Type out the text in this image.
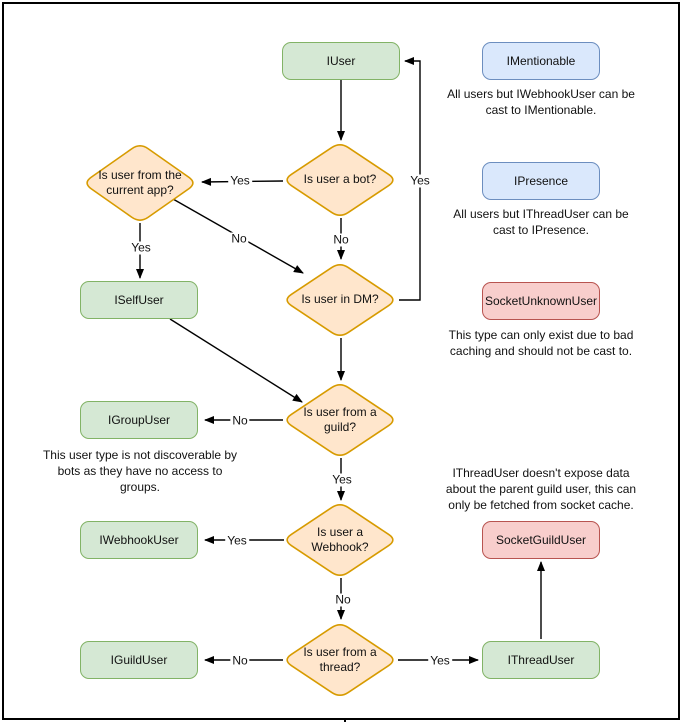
IUser	IMentionable
IPresence
SocketUnknownUser
ISelfUser
IGroupUser
IWebhookUser
IGuildUser
SocketGuildUser
IThreadUser
Is user a bot?
Is user from the current app?
Is user in DM?
Is user from a guild?
Is user a Webhook?
Is user from a thread?
All users but IWebhookUser can be
cast to IMentionable.
All users but IThreadUser can be
cast to IPresence.
This type can only exist due to bad
caching and should not be cast to.
This user type is not discoverable by
bots as they have no access to
groups.
IThreadUser doesn't expose data
about the parent guild user, this can
only be fetched from socket cache.
Yes
No
Yes
No
Yes
No
Yes
Yes
No
No	Yes
